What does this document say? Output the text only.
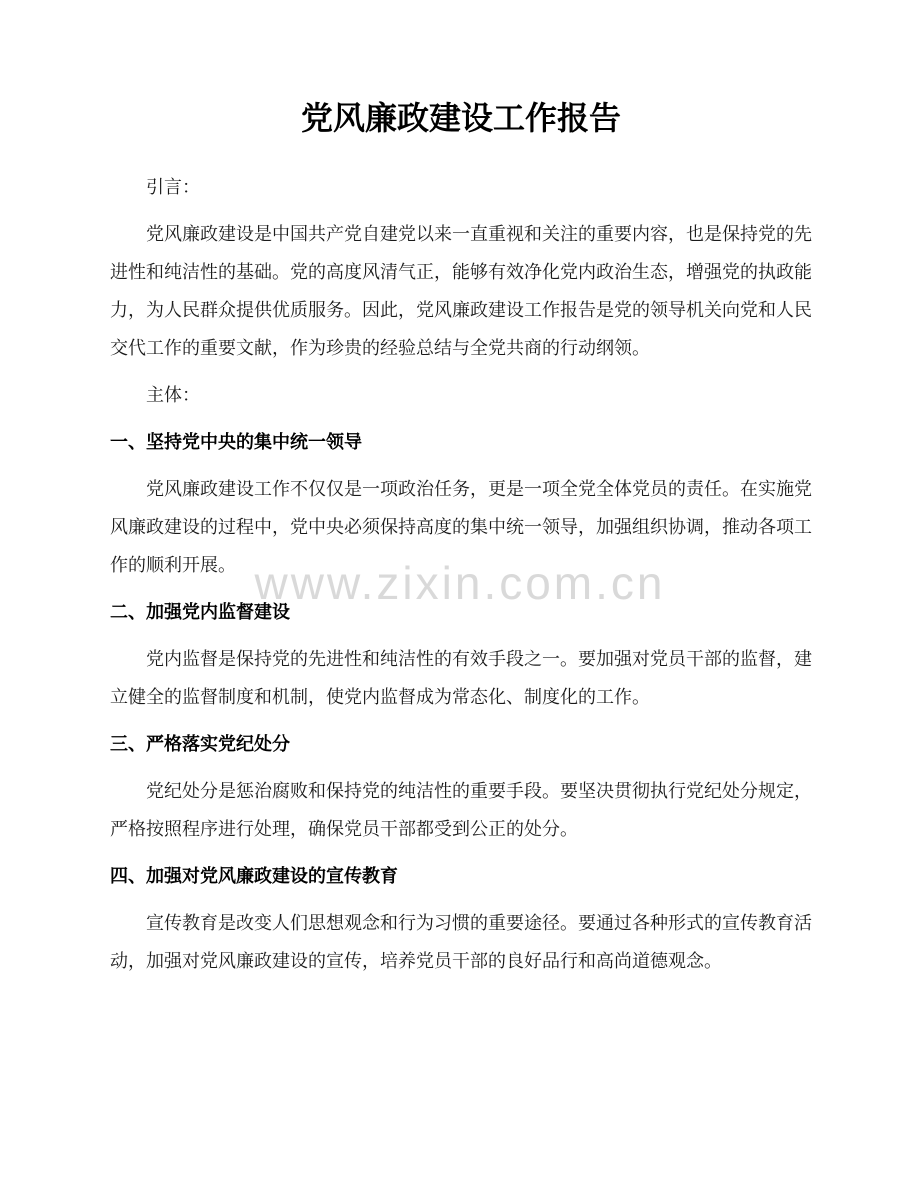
www.zixin.com.cn
党风廉政建设工作报告

引言：

党风廉政建设是中国共产党自建党以来一直重视和关注的重要内容，也是保持党的先进性和纯洁性的基础。党的高度风清气正，能够有效净化党内政治生态，增强党的执政能力，为人民群众提供优质服务。因此，党风廉政建设工作报告是党的领导机关向党和人民交代工作的重要文献，作为珍贵的经验总结与全党共商的行动纲领。

主体：

一、坚持党中央的集中统一领导

党风廉政建设工作不仅仅是一项政治任务，更是一项全党全体党员的责任。在实施党风廉政建设的过程中，党中央必须保持高度的集中统一领导，加强组织协调，推动各项工作的顺利开展。

二、加强党内监督建设

党内监督是保持党的先进性和纯洁性的有效手段之一。要加强对党员干部的监督，建立健全的监督制度和机制，使党内监督成为常态化、制度化的工作。

三、严格落实党纪处分

党纪处分是惩治腐败和保持党的纯洁性的重要手段。要坚决贯彻执行党纪处分规定，严格按照程序进行处理，确保党员干部都受到公正的处分。

四、加强对党风廉政建设的宣传教育

宣传教育是改变人们思想观念和行为习惯的重要途径。要通过各种形式的宣传教育活动，加强对党风廉政建设的宣传，培养党员干部的良好品行和高尚道德观念。
